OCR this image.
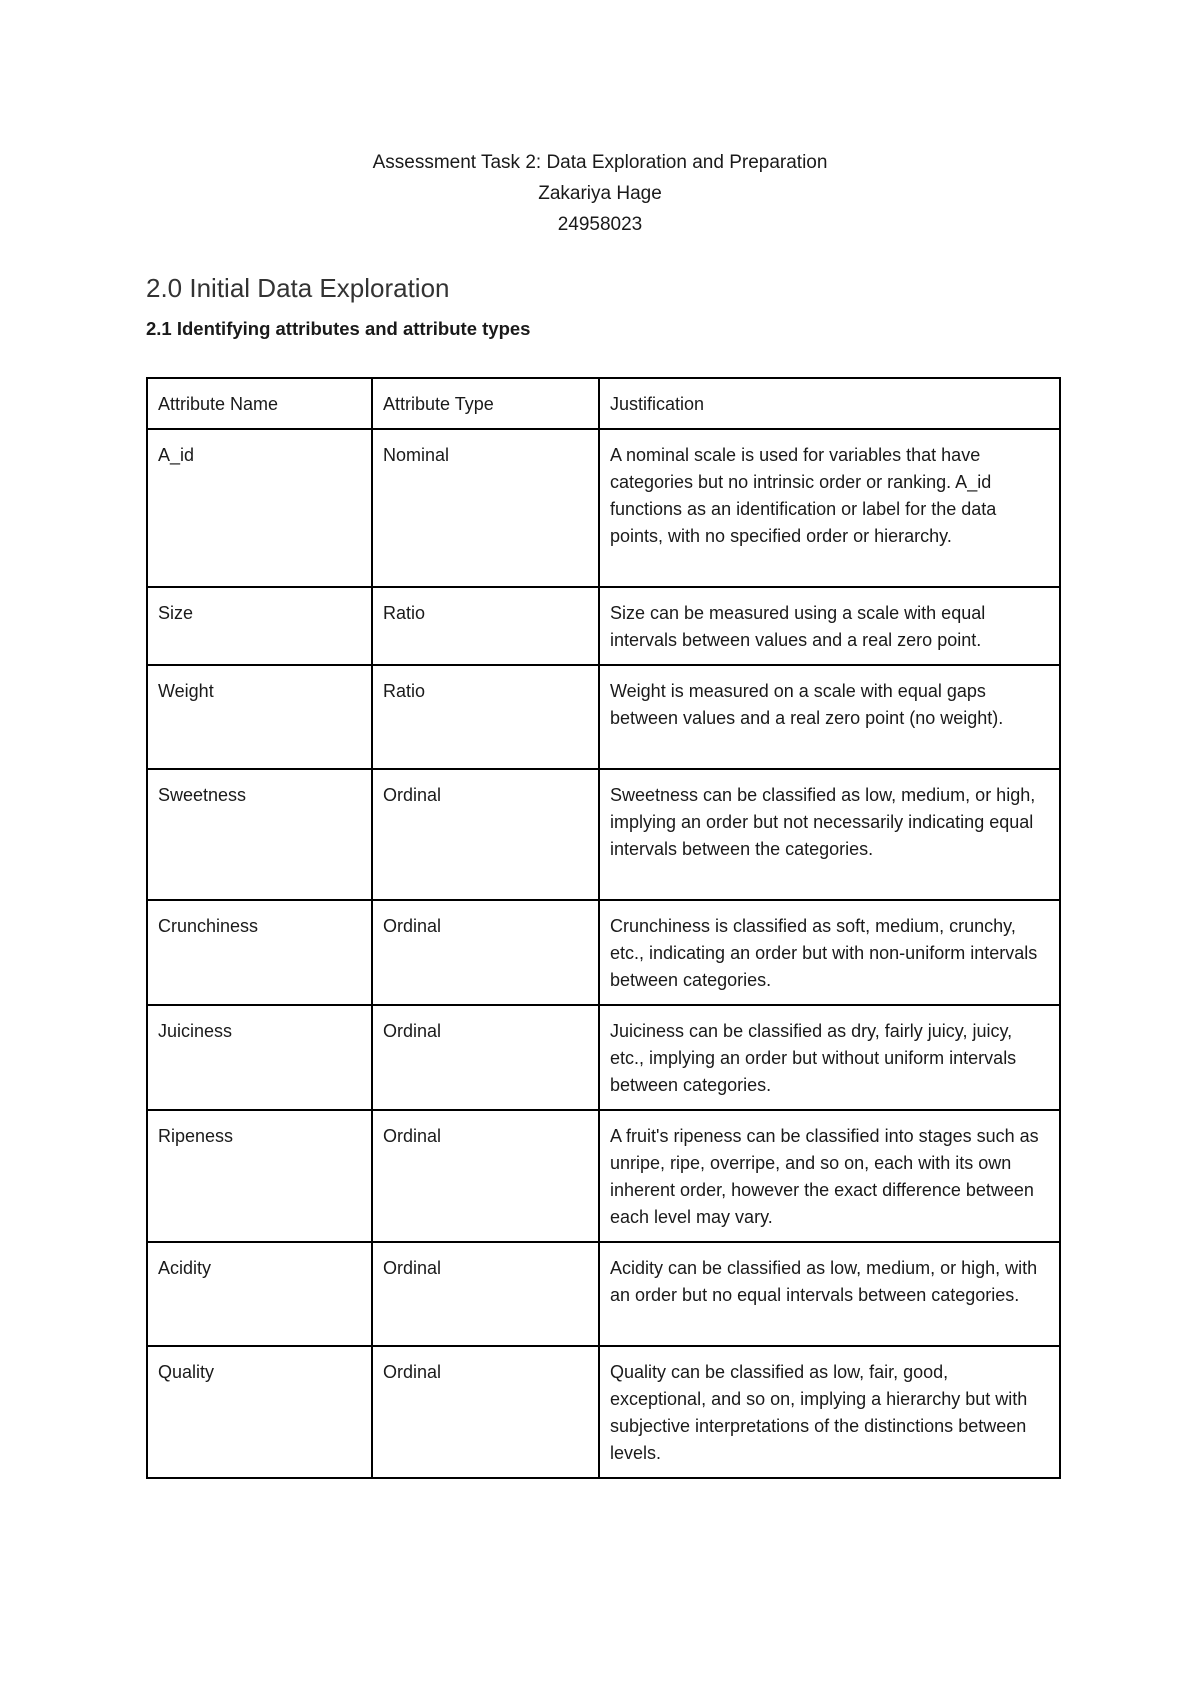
Assessment Task 2: Data Exploration and Preparation
Zakariya Hage
24958023
2.0 Initial Data Exploration
2.1 Identifying attributes and attribute types
Attribute Name	Attribute Type	Justification
A_id	Nominal	A nominal scale is used for variables that have categories but no intrinsic order or ranking. A_id functions as an identification or label for the data points, with no specified order or hierarchy.
Size	Ratio	Size can be measured using a scale with equal intervals between values and a real zero point.
Weight	Ratio	Weight is measured on a scale with equal gaps between values and a real zero point (no weight).
Sweetness	Ordinal	Sweetness can be classified as low, medium, or high, implying an order but not necessarily indicating equal intervals between the categories.
Crunchiness	Ordinal	Crunchiness is classified as soft, medium, crunchy, etc., indicating an order but with non-uniform intervals between categories.
Juiciness	Ordinal	Juiciness can be classified as dry, fairly juicy, juicy, etc., implying an order but without uniform intervals between categories.
Ripeness	Ordinal	A fruit's ripeness can be classified into stages such as unripe, ripe, overripe, and so on, each with its own inherent order, however the exact difference between each level may vary.
Acidity	Ordinal	Acidity can be classified as low, medium, or high, with an order but no equal intervals between categories.
Quality	Ordinal	Quality can be classified as low, fair, good, exceptional, and so on, implying a hierarchy but with subjective interpretations of the distinctions between levels.
